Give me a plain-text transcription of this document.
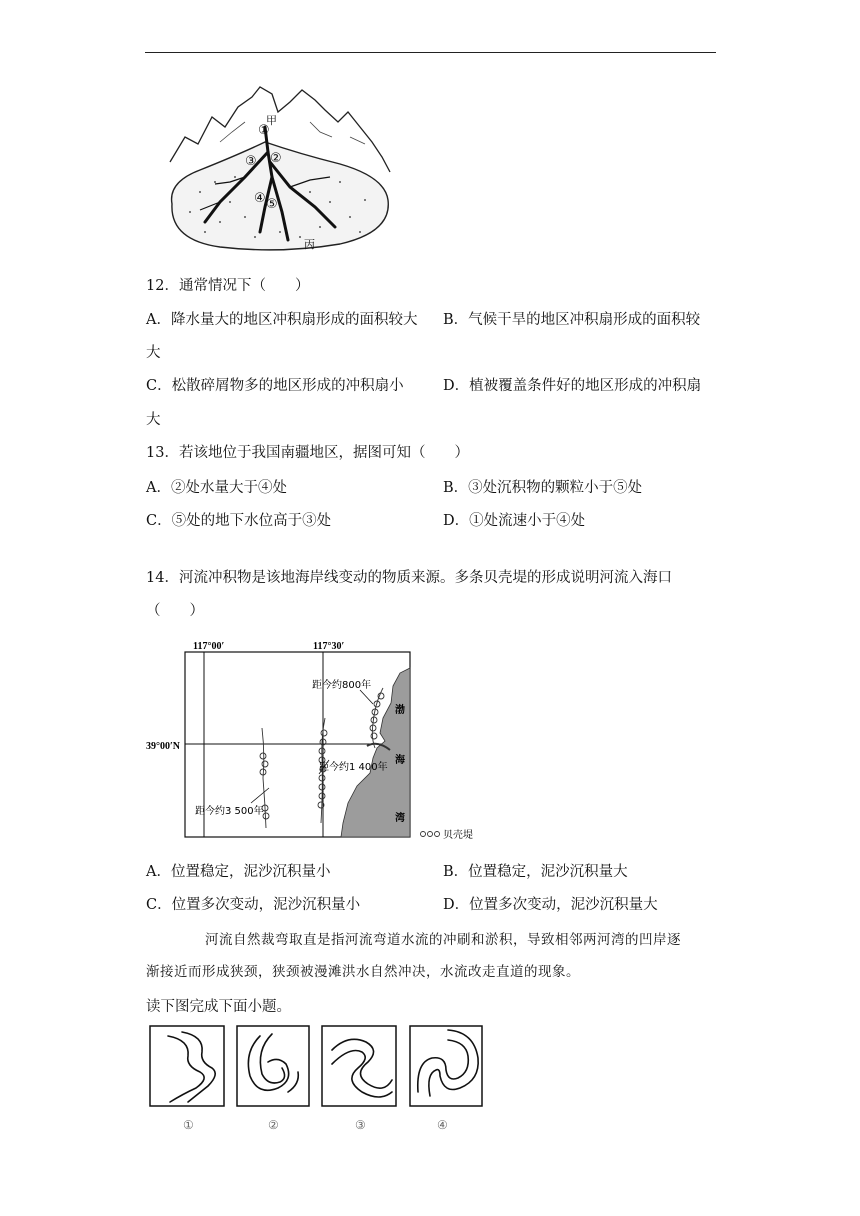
①
②
③
④ ⑤
甲
丙
12．通常情况下（　　）
A．降水量大的地区冲积扇形成的面积较大 B．气候干旱的地区冲积扇形成的面积较
大
C．松散碎屑物多的地区形成的冲积扇小	D．植被覆盖条件好的地区形成的冲积扇
大
13．若该地位于我国南疆地区，据图可知（　　）
A．②处水量大于④处	B．③处沉积物的颗粒小于⑤处
C．⑤处的地下水位高于③处	D．①处流速小于④处
14．河流冲积物是该地海岸线变动的物质来源。多条贝壳堤的形成说明河流入海口
（　　）
117°00′	117°30′
39°00′N
渤
海
湾
距今约800年
距今约1 400年
距今约3 500年
贝壳堤
A．位置稳定，泥沙沉积量小	B．位置稳定，泥沙沉积量大
C．位置多次变动，泥沙沉积量小	D．位置多次变动，泥沙沉积量大
河流自然裁弯取直是指河流弯道水流的冲刷和淤积，导致相邻两河湾的凹岸逐
渐接近而形成狭颈，狭颈被漫滩洪水自然冲决，水流改走直道的现象。
读下图完成下面小题。
①	②	③	④
